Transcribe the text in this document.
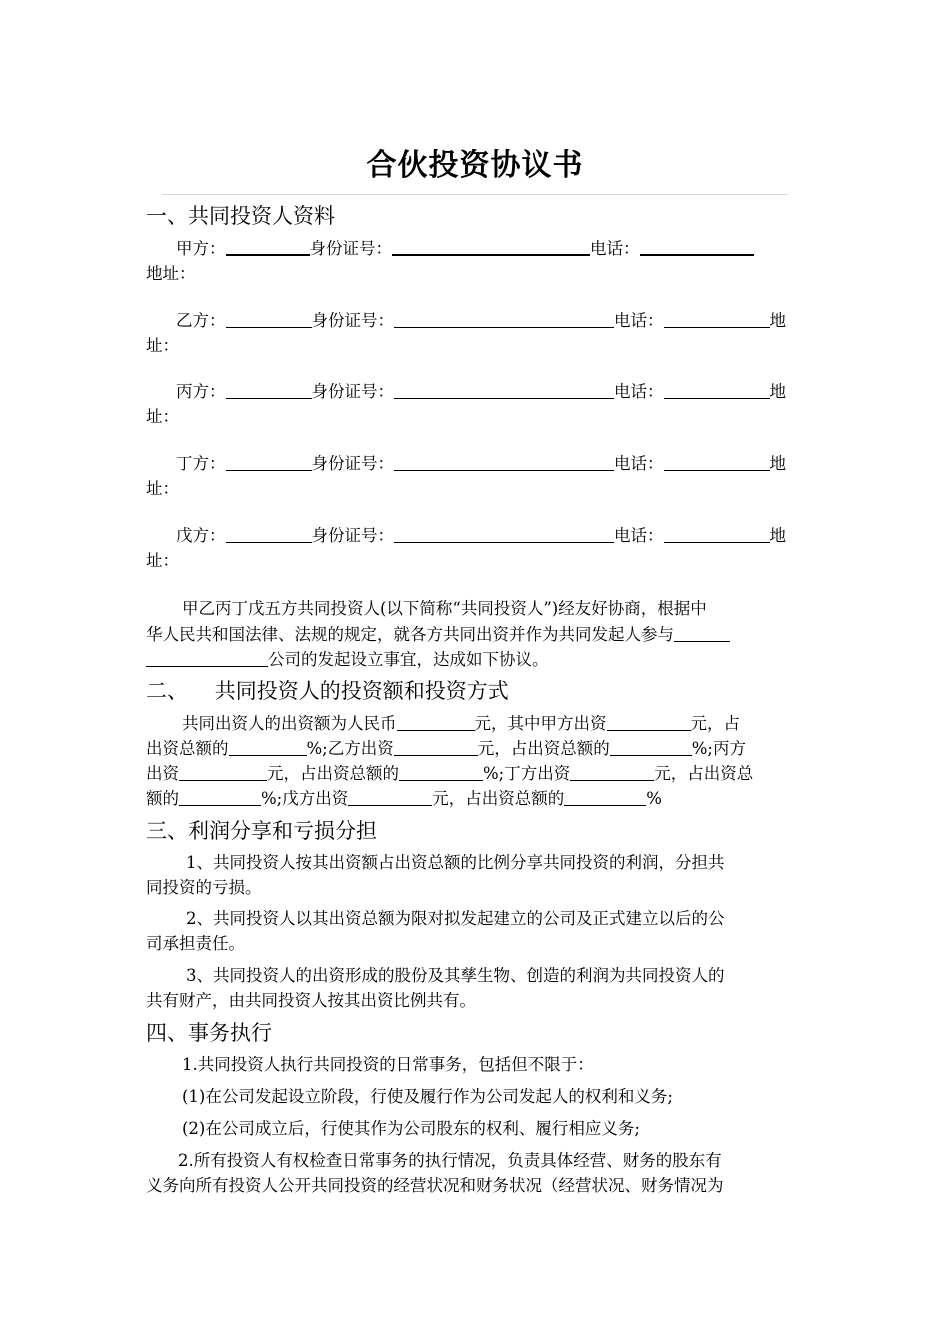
合伙投资协议书
一、共同投资人资料
甲方：	身份证号：	电话：
地址：
乙方：	身份证号：	电话：	地
址：
丙方：	身份证号：	电话：	地
址：
丁方：	身份证号：	电话：	地
址：
戊方：	身份证号：	电话：	地
址：
甲乙丙丁戊五方共同投资人(以下简称“共同投资人”)经友好协商，根据中
华人民共和国法律、法规的规定，就各方共同出资并作为共同发起人参与
公司的发起设立事宜，达成如下协议。
二、    共同投资人的投资额和投资方式
共同出资人的出资额为人民币	元，其中甲方出资	元，占
出资总额的	%;乙方出资	元，占出资总额的	%;丙方
出资	元，占出资总额的	%;丁方出资	元，占出资总
额的	%;戊方出资	元，占出资总额的	%
三、利润分享和亏损分担
1、共同投资人按其出资额占出资总额的比例分享共同投资的利润，分担共
同投资的亏损。
2、共同投资人以其出资总额为限对拟发起建立的公司及正式建立以后的公
司承担责任。
3、共同投资人的出资形成的股份及其孳生物、创造的利润为共同投资人的
共有财产，由共同投资人按其出资比例共有。
四、事务执行
1.共同投资人执行共同投资的日常事务，包括但不限于：
(1)在公司发起设立阶段，行使及履行作为公司发起人的权利和义务;
(2)在公司成立后，行使其作为公司股东的权利、履行相应义务;
2.所有投资人有权检查日常事务的执行情况，负责具体经营、财务的股东有
义务向所有投资人公开共同投资的经营状况和财务状况（经营状况、财务情况为
